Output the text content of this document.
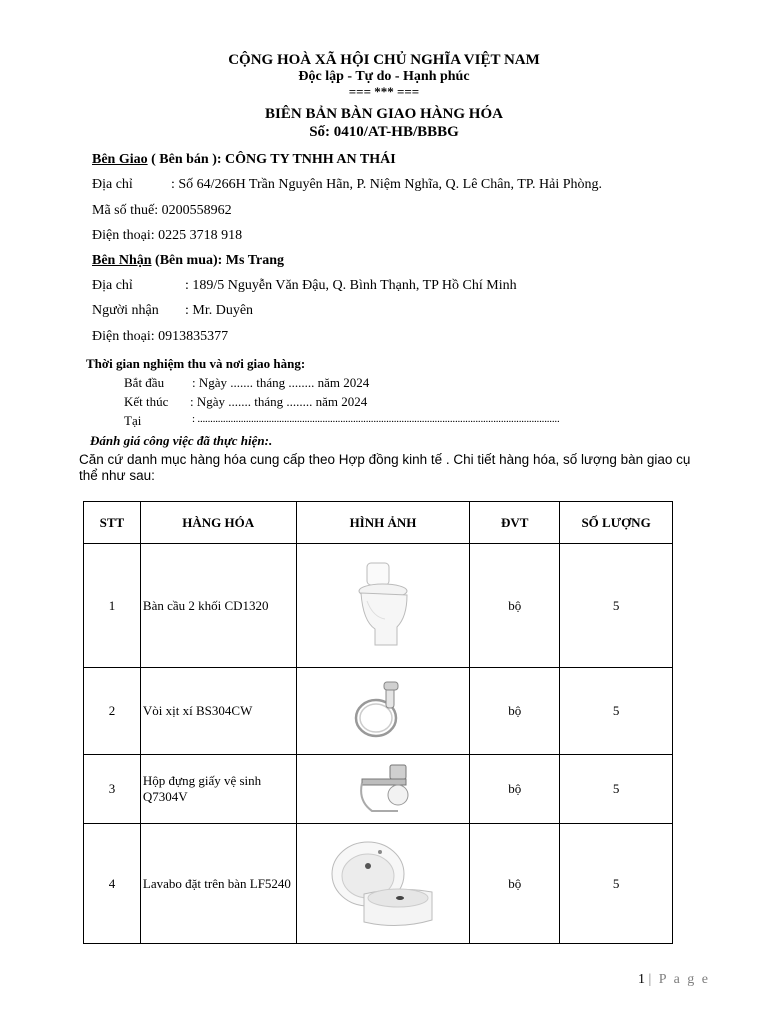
CỘNG HOÀ XÃ HỘI CHỦ NGHĨA VIỆT NAM
Độc lập - Tự do - Hạnh phúc
=== *** ===
BIÊN BẢN BÀN GIAO HÀNG HÓA
Số: 0410/AT-HB/BBBG
Bên Giao ( Bên bán ): CÔNG TY TNHH AN THÁI
Địa chỉ	: Số 64/266H Trần Nguyên Hãn, P. Niệm Nghĩa, Q. Lê Chân, TP. Hải Phòng.
Mã số thuế: 0200558962
Điện thoại: 0225 3718 918
Bên Nhận (Bên mua): Ms Trang
Địa chỉ	: 189/5 Nguyễn Văn Đậu, Q. Bình Thạnh, TP Hồ Chí Minh
Người nhận : Mr. Duyên
Điện thoại: 0913835377
Thời gian nghiệm thu và nơi giao hàng:
Bắt đầu : Ngày ....... tháng ........ năm 2024
Kết thúc : Ngày ....... tháng ........ năm 2024
Tại	: ..............................................................................................................................................
Đánh giá công việc đã thực hiện:.
Căn cứ danh mục hàng hóa cung cấp theo Hợp đồng kinh tế . Chi tiết hàng hóa, số lượng bàn giao cụ
thể như sau:
STT	HÀNG HÓA	HÌNH ẢNH	ĐVT	SỐ LƯỢNG
1	Bàn cầu 2 khối CD1320		bộ	5
2	Vòi xịt xí BS304CW		bộ	5
3	Hộp đựng giấy vệ sinh Q7304V		bộ	5
4	Lavabo đặt trên bàn LF5240		bộ	5
1 | P a g e
